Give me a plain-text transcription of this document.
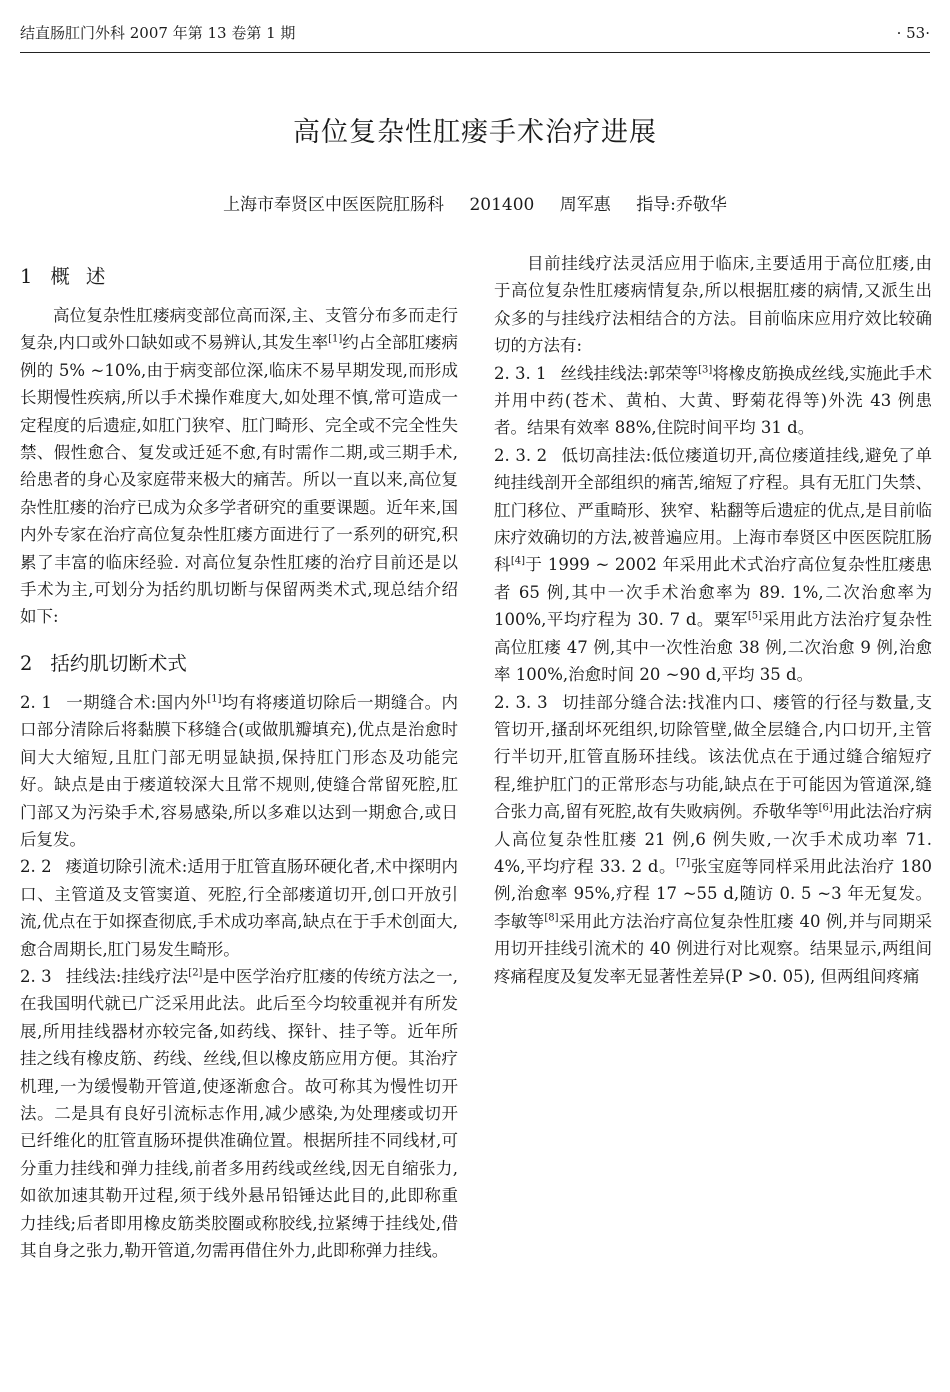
结直肠肛门外科 2007 年第 13 卷第 1 期	· 53·
高位复杂性肛瘘手术治疗进展
上海市奉贤区中医医院肛肠科 201400 周军惠 指导:乔敬华
1 概述

高位复杂性肛瘘病变部位高而深,主、支管分布多而走行复杂,内口或外口缺如或不易辨认,其发生率[1]约占全部肛瘘病例的 5% ~10%,由于病变部位深,临床不易早期发现,而形成长期慢性疾病,所以手术操作难度大,如处理不慎,常可造成一定程度的后遗症,如肛门狭窄、肛门畸形、完全或不完全性失禁、假性愈合、复发或迁延不愈,有时需作二期,或三期手术,给患者的身心及家庭带来极大的痛苦。所以一直以来,高位复杂性肛瘘的治疗已成为众多学者研究的重要课题。近年来,国内外专家在治疗高位复杂性肛瘘方面进行了一系列的研究,积累了丰富的临床经验. 对高位复杂性肛瘘的治疗目前还是以手术为主,可划分为括约肌切断与保留两类术式,现总结介绍如下:

2 括约肌切断术式

2. 1 一期缝合术:国内外[1]均有将瘘道切除后一期缝合。内口部分清除后将黏膜下移缝合(或做肌瓣填充),优点是治愈时间大大缩短,且肛门部无明显缺损,保持肛门形态及功能完好。缺点是由于瘘道较深大且常不规则,使缝合常留死腔,肛门部又为污染手术,容易感染,所以多难以达到一期愈合,或日后复发。

2. 2 瘘道切除引流术:适用于肛管直肠环硬化者,术中探明内口、主管道及支管窦道、死腔,行全部瘘道切开,创口开放引流,优点在于如探查彻底,手术成功率高,缺点在于手术创面大,愈合周期长,肛门易发生畸形。

2. 3 挂线法:挂线疗法[2]是中医学治疗肛瘘的传统方法之一,在我国明代就已广泛采用此法。此后至今均较重视并有所发展,所用挂线器材亦较完备,如药线、探针、挂子等。近年所挂之线有橡皮筋、药线、丝线,但以橡皮筋应用方便。其治疗机理,一为缓慢勒开管道,使逐渐愈合。故可称其为慢性切开法。二是具有良好引流标志作用,减少感染,为处理瘘或切开已纤维化的肛管直肠环提供准确位置。根据所挂不同线材,可分重力挂线和弹力挂线,前者多用药线或丝线,因无自缩张力,如欲加速其勒开过程,须于线外悬吊铅锤达此目的,此即称重力挂线;后者即用橡皮筋类胶圈或称胶线,拉紧缚于挂线处,借其自身之张力,勒开管道,勿需再借住外力,此即称弹力挂线。

目前挂线疗法灵活应用于临床,主要适用于高位肛瘘,由于高位复杂性肛瘘病情复杂,所以根据肛瘘的病情,又派生出众多的与挂线疗法相结合的方法。目前临床应用疗效比较确切的方法有:

2. 3. 1 丝线挂线法:郭荣等[3]将橡皮筋换成丝线,实施此手术并用中药(苍术、黄柏、大黄、野菊花得等)外洗 43 例患者。结果有效率 88%,住院时间平均 31 d。

2. 3. 2 低切高挂法:低位瘘道切开,高位瘘道挂线,避免了单纯挂线剖开全部组织的痛苦,缩短了疗程。具有无肛门失禁、肛门移位、严重畸形、狭窄、粘翻等后遗症的优点,是目前临床疗效确切的方法,被普遍应用。上海市奉贤区中医医院肛肠科[4]于 1999 ~ 2002 年采用此术式治疗高位复杂性肛瘘患者 65 例,其中一次手术治愈率为 89. 1%,二次治愈率为 100%,平均疗程为 30. 7 d。粟军[5]采用此方法治疗复杂性高位肛瘘 47 例,其中一次性治愈 38 例,二次治愈 9 例,治愈率 100%,治愈时间 20 ~90 d,平均 35 d。

2. 3. 3 切挂部分缝合法:找准内口、瘘管的行径与数量,支管切开,搔刮坏死组织,切除管壁,做全层缝合,内口切开,主管行半切开,肛管直肠环挂线。该法优点在于通过缝合缩短疗程,维护肛门的正常形态与功能,缺点在于可能因为管道深,缝合张力高,留有死腔,故有失败病例。乔敬华等[6]用此法治疗病人高位复杂性肛瘘 21 例,6 例失败,一次手术成功率 71. 4%,平均疗程 33. 2 d。[7]张宝庭等同样采用此法治疗 180 例,治愈率 95%,疗程 17 ~55 d,随访 0. 5 ~3 年无复发。李敏等[8]采用此方法治疗高位复杂性肛瘘 40 例,并与同期采用切开挂线引流术的 40 例进行对比观察。结果显示,两组间疼痛程度及复发率无显著性差异(P >0. 05), 但两组间疼痛
